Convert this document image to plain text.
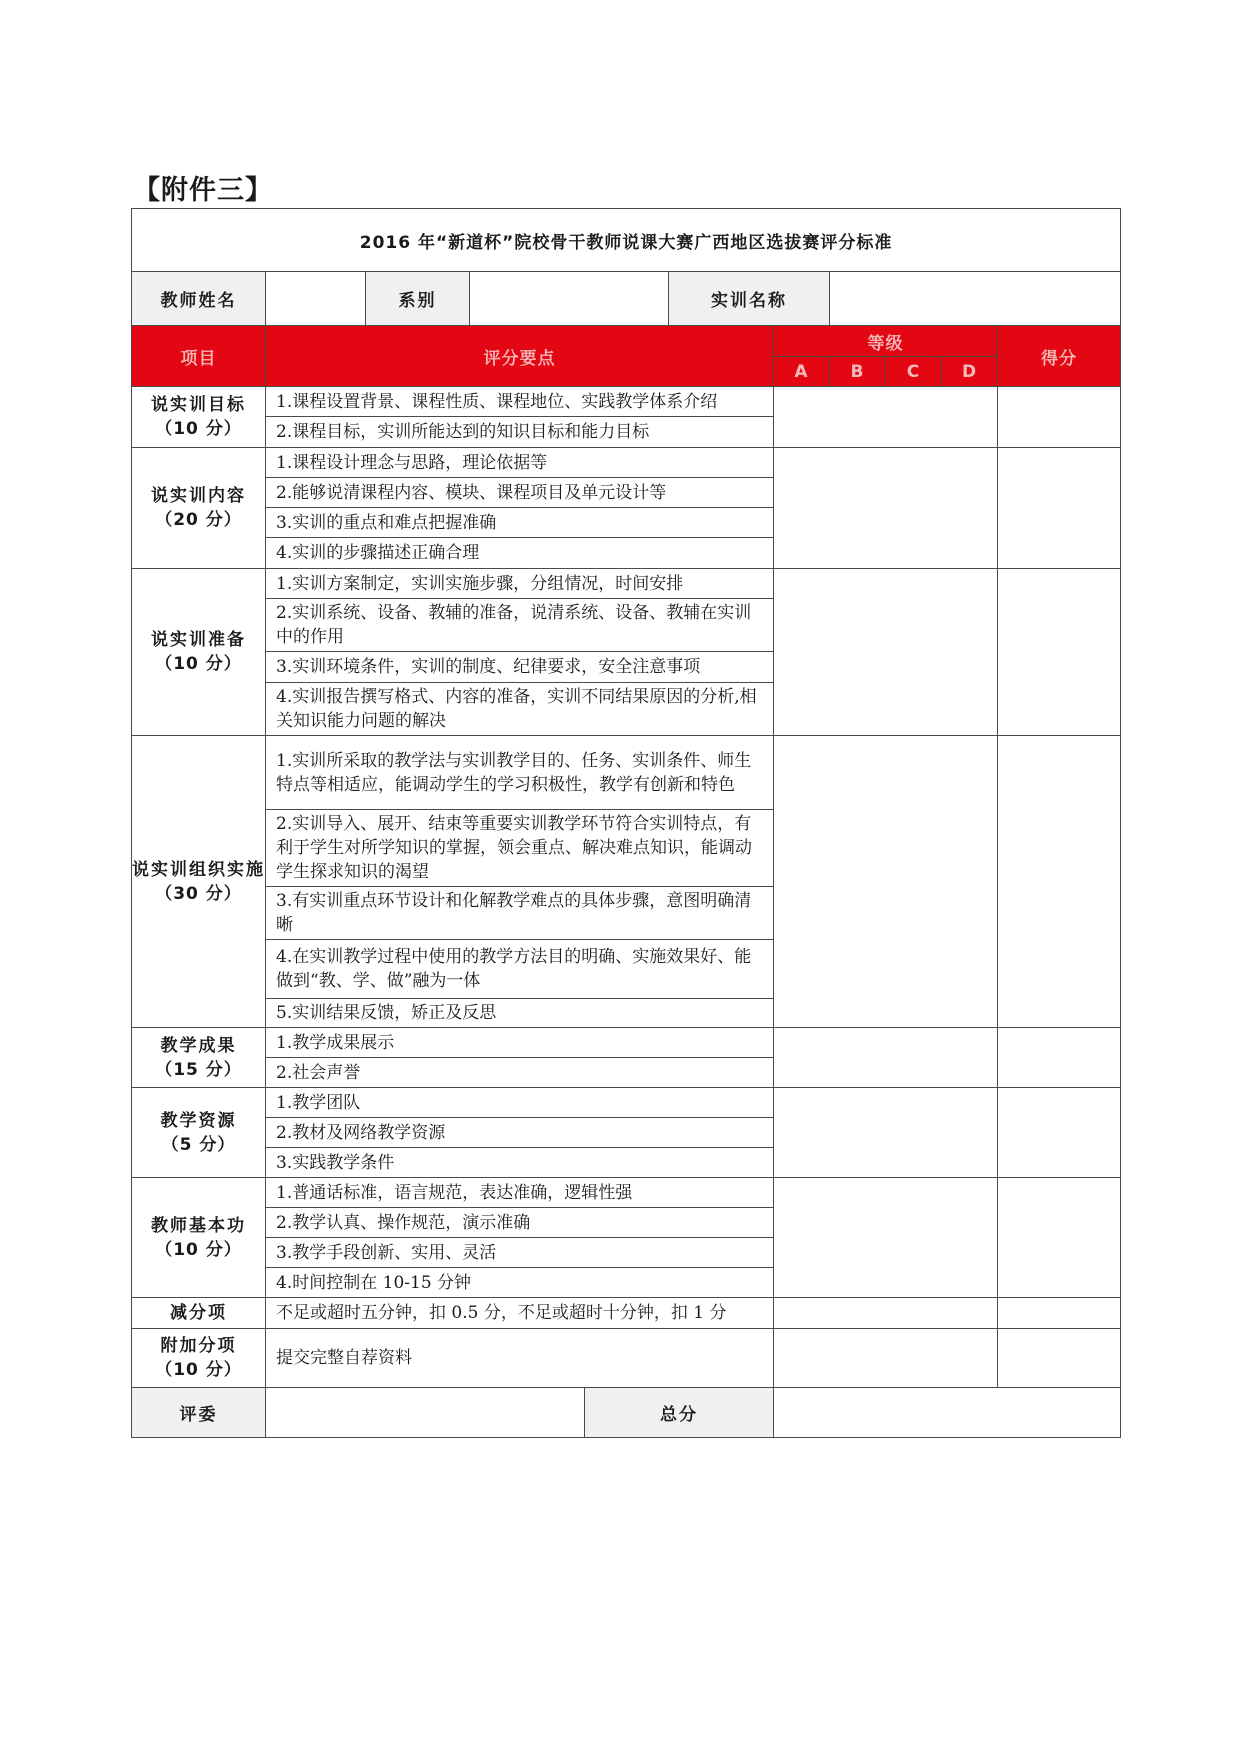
【附件三】
2016 年“新道杯”院校骨干教师说课大赛广西地区选拔赛评分标准										
教师姓名		系别			实训名称					
项目	评分要点					等级				得分
						A	B	C	D	
说实训目标
（10 分）	1.课程设置背景、课程性质、课程地位、实践教学体系介绍									
	2.课程目标，实训所能达到的知识目标和能力目标									
说实训内容
（20 分）	1.课程设计理念与思路，理论依据等									
	2.能够说清课程内容、模块、课程项目及单元设计等									
	3.实训的重点和难点把握准确									
	4.实训的步骤描述正确合理									
说实训准备
（10 分）	1.实训方案制定，实训实施步骤，分组情况，时间安排									
	2.实训系统、设备、教辅的准备，说清系统、设备、教辅在实训中的作用									
	3.实训环境条件，实训的制度、纪律要求，安全注意事项									
	4.实训报告撰写格式、内容的准备，实训不同结果原因的分析,相关知识能力问题的解决									
说实训组织实施
（30 分）	1.实训所采取的教学法与实训教学目的、任务、实训条件、师生特点等相适应，能调动学生的学习积极性，教学有创新和特色									
	2.实训导入、展开、结束等重要实训教学环节符合实训特点，有利于学生对所学知识的掌握，领会重点、解决难点知识，能调动学生探求知识的渴望									
	3.有实训重点环节设计和化解教学难点的具体步骤，意图明确清晰									
	4.在实训教学过程中使用的教学方法目的明确、实施效果好、能做到“教、学、做”融为一体									
	5.实训结果反馈，矫正及反思									
教学成果
（15 分）	1.教学成果展示									
	2.社会声誉									
教学资源
（5 分）	1.教学团队									
	2.教材及网络教学资源									
	3.实践教学条件									
教师基本功
（10 分）	1.普通话标准，语言规范，表达准确，逻辑性强									
	2.教学认真、操作规范，演示准确									
	3.教学手段创新、实用、灵活									
	4.时间控制在 10-15 分钟									
减分项	不足或超时五分钟，扣 0.5 分，不足或超时十分钟，扣 1 分									
附加分项
（10 分）	提交完整自荐资料									
评委				总分						
